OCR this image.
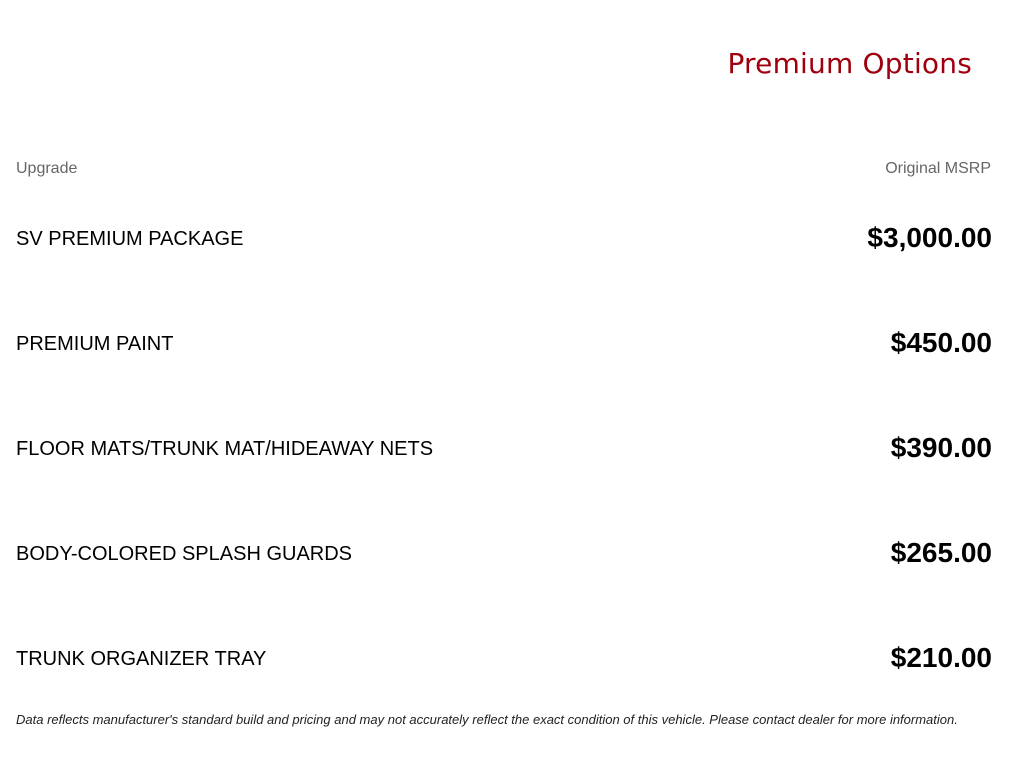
Premium Options
Upgrade	Original MSRP
SV PREMIUM PACKAGE	$3,000.00
PREMIUM PAINT	$450.00
FLOOR MATS/TRUNK MAT/HIDEAWAY NETS	$390.00
BODY-COLORED SPLASH GUARDS	$265.00
TRUNK ORGANIZER TRAY	$210.00
Data reflects manufacturer's standard build and pricing and may not accurately reflect the exact condition of this vehicle. Please contact dealer for more information.
